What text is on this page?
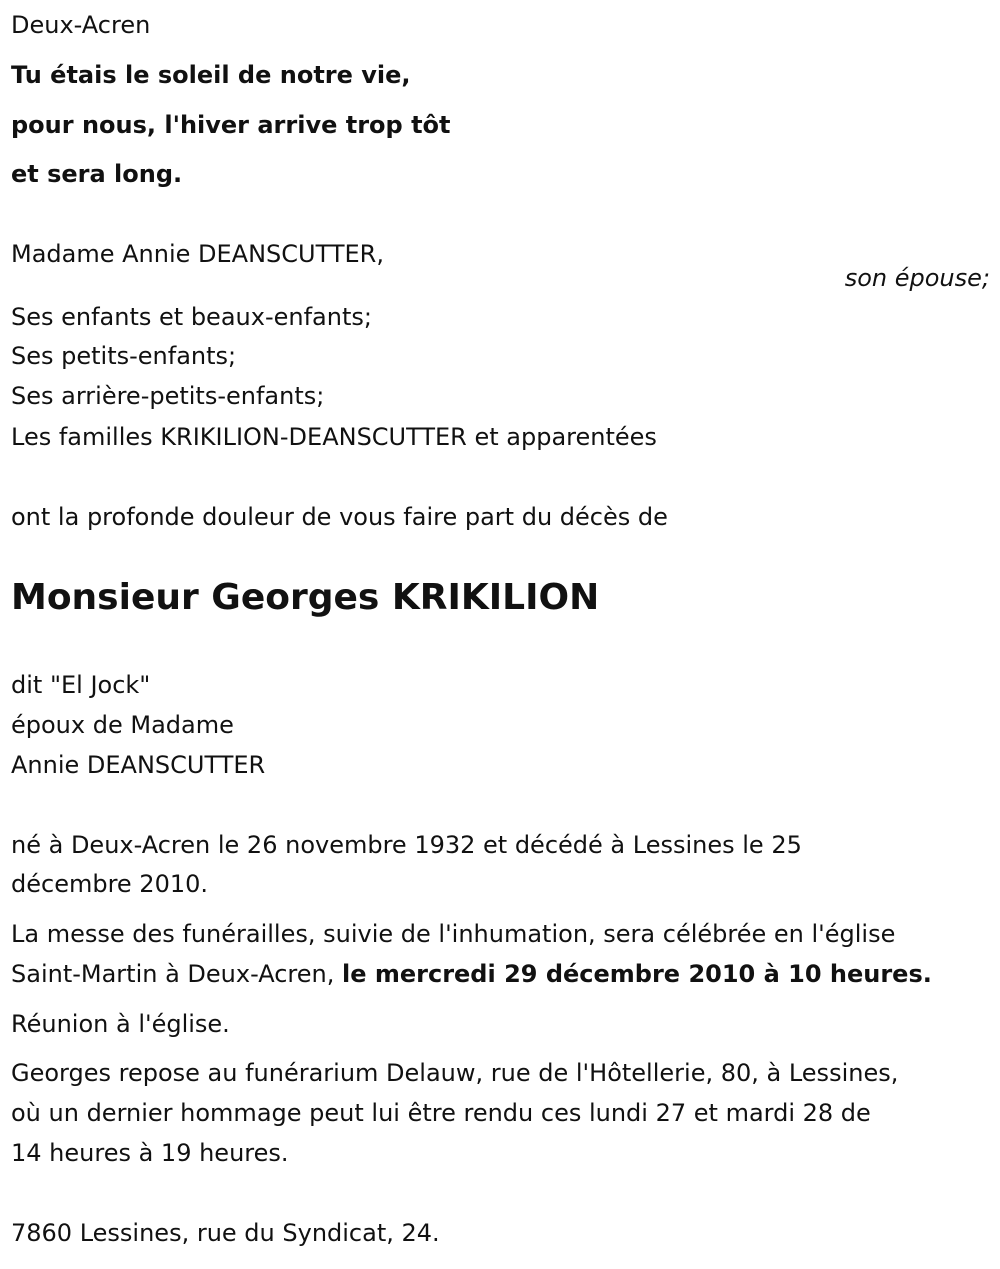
Deux-Acren
Tu étais le soleil de notre vie,
pour nous, l'hiver arrive trop tôt
et sera long.
Madame Annie DEANSCUTTER,
son épouse;
Ses enfants et beaux-enfants;
Ses petits-enfants;
Ses arrière-petits-enfants;
Les familles KRIKILION-DEANSCUTTER et apparentées
ont la profonde douleur de vous faire part du décès de
Monsieur Georges KRIKILION
dit "El Jock"
époux de Madame
Annie DEANSCUTTER
né à Deux-Acren le 26 novembre 1932 et décédé à Lessines le 25
décembre 2010.
La messe des funérailles, suivie de l'inhumation, sera célébrée en l'église
Saint-Martin à Deux-Acren, le mercredi 29 décembre 2010 à 10 heures.
Réunion à l'église.
Georges repose au funérarium Delauw, rue de l'Hôtellerie, 80, à Lessines,
où un dernier hommage peut lui être rendu ces lundi 27 et mardi 28 de
14 heures à 19 heures.
7860 Lessines, rue du Syndicat, 24.
